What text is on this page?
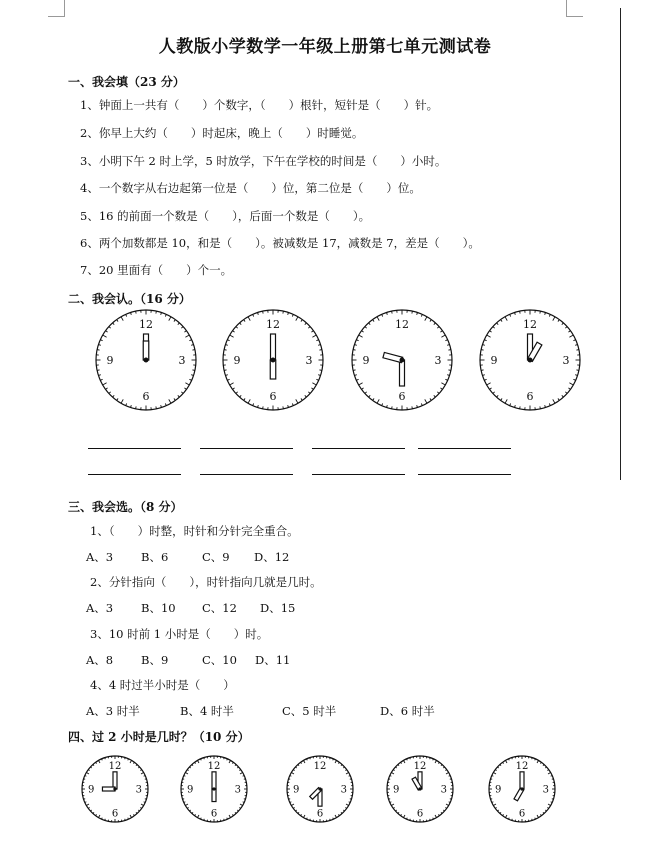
人教版小学数学一年级上册第七单元测试卷
一、我会填（23 分）
1、钟面上一共有（　　）个数字，（　　）根针，短针是（　　）针。
2、你早上大约（　　）时起床，晚上（　　）时睡觉。
3、小明下午 2 时上学，5 时放学，下午在学校的时间是（　　）小时。
4、一个数字从右边起第一位是（　　）位，第二位是（　　）位。
5、16 的前面一个数是（　　），后面一个数是（　　）。
6、两个加数都是 10，和是（　　）。被减数是 17，减数是 7，差是（　　）。
7、20 里面有（　　）个一。
二、我会认。（16 分）
12
3
6
9
12
3
6
9
12
3
6
9
12
3
6
9
三、我会选。（8 分）
1、（　　）时整，时针和分针完全重合。
A、3 B、6	C、9 D、12
2、分针指向（　　），时针指向几就是几时。
A、3 B、10 C、12 D、15
3、10 时前 1 小时是（　　）时。
A、8 B、9	C、10 D、11
4、4 时过半小时是（　　）
A、3 时半	B、4 时半	C、5 时半	D、6 时半
四、过 2 小时是几时？（10 分）
12
3
6
9
12
3
6
9
12
3
6
9
12
3
6
9
12
3
6
9
